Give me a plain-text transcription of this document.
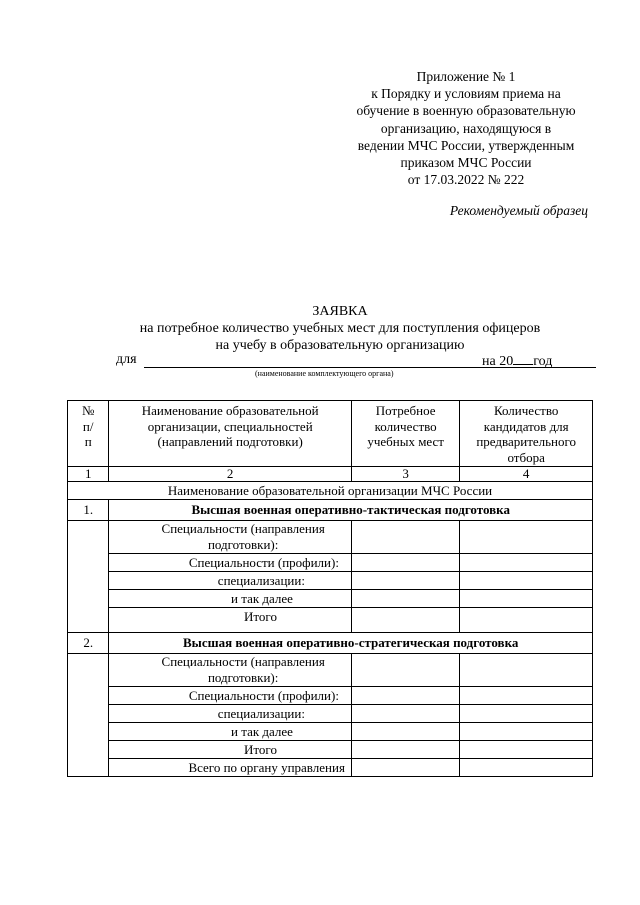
Приложение № 1
к Порядку и условиям приема на
обучение в военную образовательную
организацию, находящуюся в
ведении МЧС России, утвержденным
приказом МЧС России
от 17.03.2022 № 222
Рекомендуемый образец
ЗАЯВКА
на потребное количество учебных мест для поступления офицеров
на учебу в образовательную организацию
для	на 20 год
(наименование комплектующего органа)
№ п/п	Наименование образовательной организации, специальностей (направлений подготовки)	Потребное количество учебных мест	Количество кандидатов для предварительного отбора
1	2	3	4
Наименование образовательной организации МЧС России			
1.	Высшая военная оперативно-тактическая подготовка		
	Специальности (направления подготовки):		
	Специальности (профили):		
	специализации:		
	и так далее		
	Итого		
2.	Высшая военная оперативно-стратегическая подготовка		
	Специальности (направления подготовки):		
	Специальности (профили):		
	специализации:		
	и так далее		
	Итого		
	Всего по органу управления		
